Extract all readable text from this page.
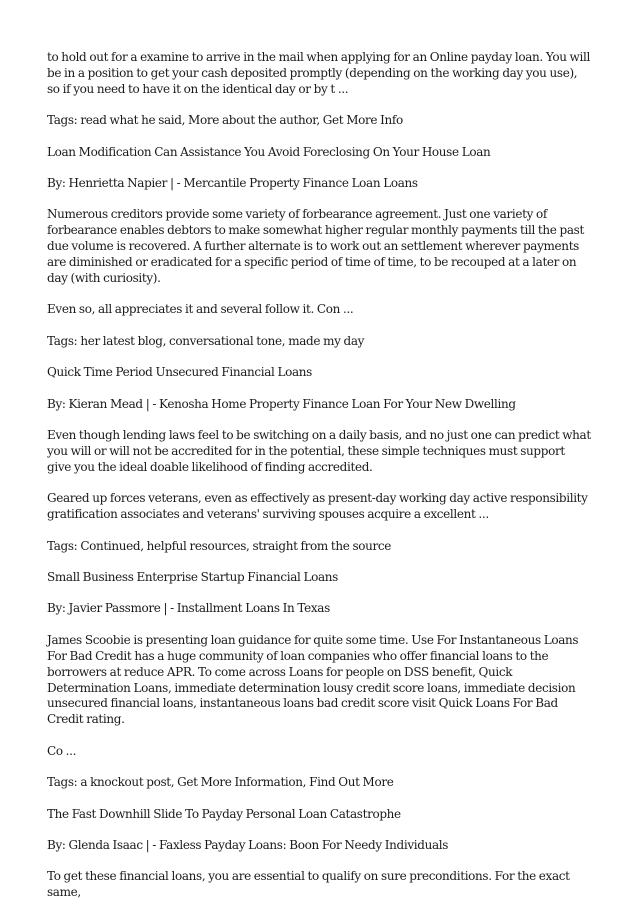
to hold out for a examine to arrive in the mail when applying for an Online payday loan. You will be in a position to get your cash deposited promptly (depending on the working day you use), so if you need to have it on the identical day or by t ...

Tags: read what he said, More about the author, Get More Info

Loan Modification Can Assistance You Avoid Foreclosing On Your House Loan

By: Henrietta Napier | - Mercantile Property Finance Loan Loans

Numerous creditors provide some variety of forbearance agreement. Just one variety of forbearance enables debtors to make somewhat higher regular monthly payments till the past due volume is recovered. A further alternate is to work out an settlement wherever payments are diminished or eradicated for a specific period of time of time, to be recouped at a later on day (with curiosity).

Even so, all appreciates it and several follow it. Con ...

Tags: her latest blog, conversational tone, made my day

Quick Time Period Unsecured Financial Loans

By: Kieran Mead | - Kenosha Home Property Finance Loan For Your New Dwelling

Even though lending laws feel to be switching on a daily basis, and no just one can predict what you will or will not be accredited for in the potential, these simple techniques must support give you the ideal doable likelihood of finding accredited.

Geared up forces veterans, even as effectively as present-day working day active responsibility gratification associates and veterans' surviving spouses acquire a excellent ...

Tags: Continued, helpful resources, straight from the source

Small Business Enterprise Startup Financial Loans

By: Javier Passmore | - Installment Loans In Texas

James Scoobie is presenting loan guidance for quite some time. Use For Instantaneous Loans For Bad Credit has a huge community of loan companies who offer financial loans to the borrowers at reduce APR. To come across Loans for people on DSS benefit, Quick Determination Loans, immediate determination lousy credit score loans, immediate decision unsecured financial loans, instantaneous loans bad credit score visit Quick Loans For Bad Credit rating.

Co ...

Tags: a knockout post, Get More Information, Find Out More

The Fast Downhill Slide To Payday Personal Loan Catastrophe

By: Glenda Isaac | - Faxless Payday Loans: Boon For Needy Individuals

To get these financial loans, you are essential to qualify on sure preconditions. For the exact same,
